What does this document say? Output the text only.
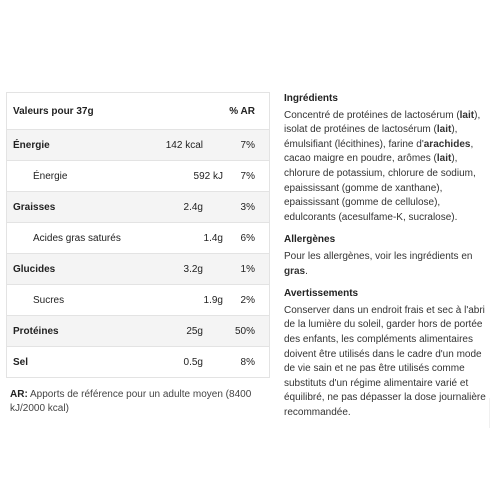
Valeurs pour 37g	% AR
Énergie	142 kcal	7%
Énergie	592 kJ	7%
Graisses	2.4g	3%
Acides gras saturés	1.4g	6%
Glucides	3.2g	1%
Sucres	1.9g	2%
Protéines	25g	50%
Sel	0.5g	8%
AR: Apports de référence pour un adulte moyen (8400 kJ/2000 kcal)
Ingrédients

Concentré de protéines de lactosérum (lait), isolat de protéines de lactosérum (lait), émulsifiant (lécithines), farine d'arachides, cacao maigre en poudre, arômes (lait), chlorure de potassium, chlorure de sodium, epaississant (gomme de xanthane), epaississant (gomme de cellulose), edulcorants (acesulfame-K, sucralose).

Allergènes

Pour les allergènes, voir les ingrédients en gras.

Avertissements

Conserver dans un endroit frais et sec à l'abri de la lumière du soleil, garder hors de portée des enfants, les compléments alimentaires doivent être utilisés dans le cadre d'un mode de vie sain et ne pas être utilisés comme substituts d'un régime alimentaire varié et équilibré, ne pas dépasser la dose journalière recommandée.
